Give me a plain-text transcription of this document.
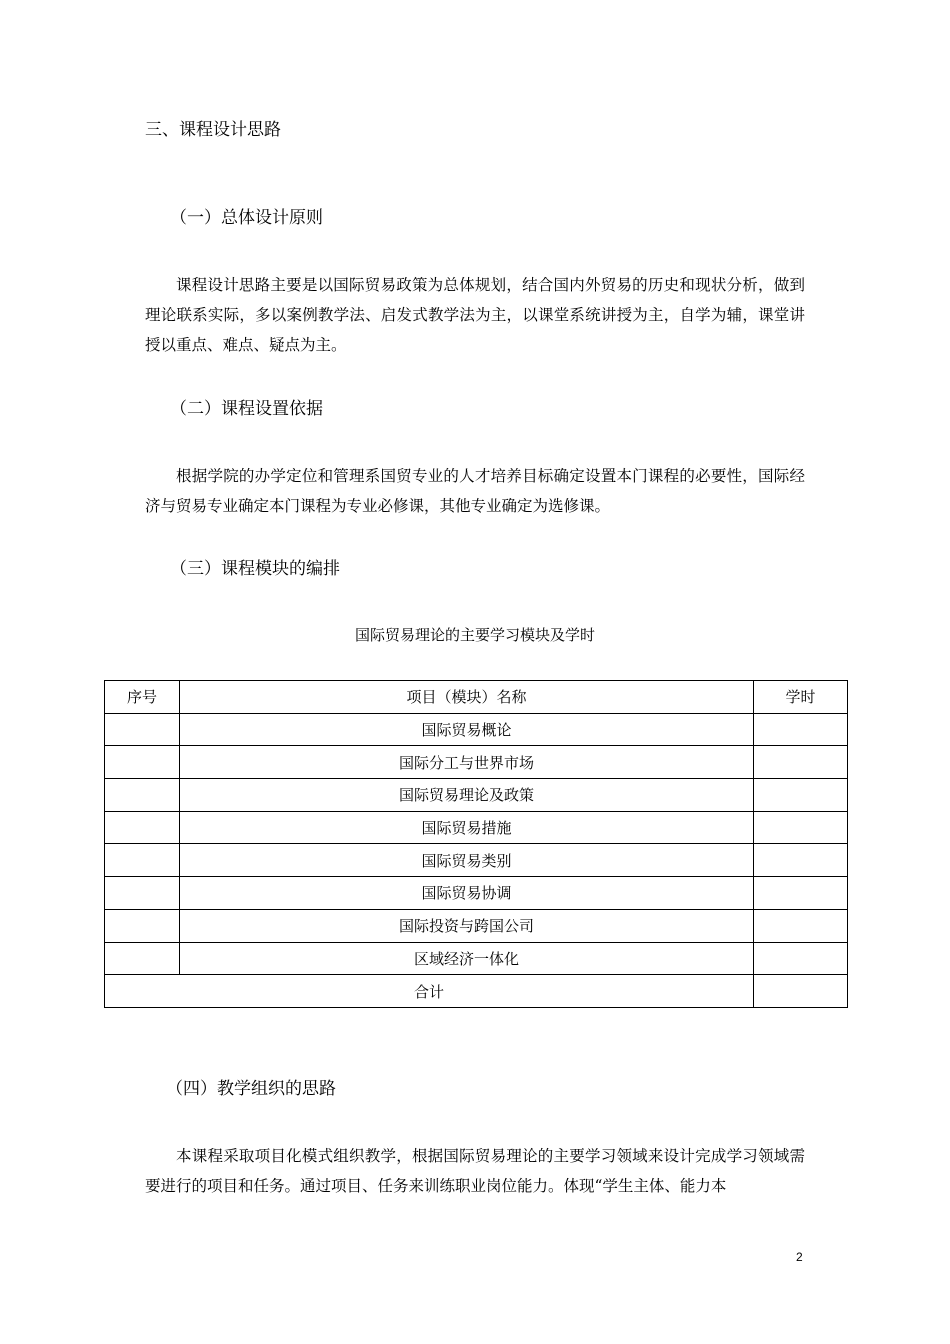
三、课程设计思路
（一）总体设计原则
课程设计思路主要是以国际贸易政策为总体规划，结合国内外贸易的历史和现状分析，做到理论联系实际，多以案例教学法、启发式教学法为主，以课堂系统讲授为主，自学为辅，课堂讲授以重点、难点、疑点为主。
（二）课程设置依据
根据学院的办学定位和管理系国贸专业的人才培养目标确定设置本门课程的必要性，国际经济与贸易专业确定本门课程为专业必修课，其他专业确定为选修课。
（三）课程模块的编排
国际贸易理论的主要学习模块及学时
序号	项目（模块）名称	学时
	国际贸易概论	
	国际分工与世界市场	
	国际贸易理论及政策	
	国际贸易措施	
	国际贸易类别	
	国际贸易协调	
	国际投资与跨国公司	
	区域经济一体化	
合计		
（四）教学组织的思路
本课程采取项目化模式组织教学，根据国际贸易理论的主要学习领域来设计完成学习领域需要进行的项目和任务。通过项目、任务来训练职业岗位能力。体现“学生主体、能力本
2
